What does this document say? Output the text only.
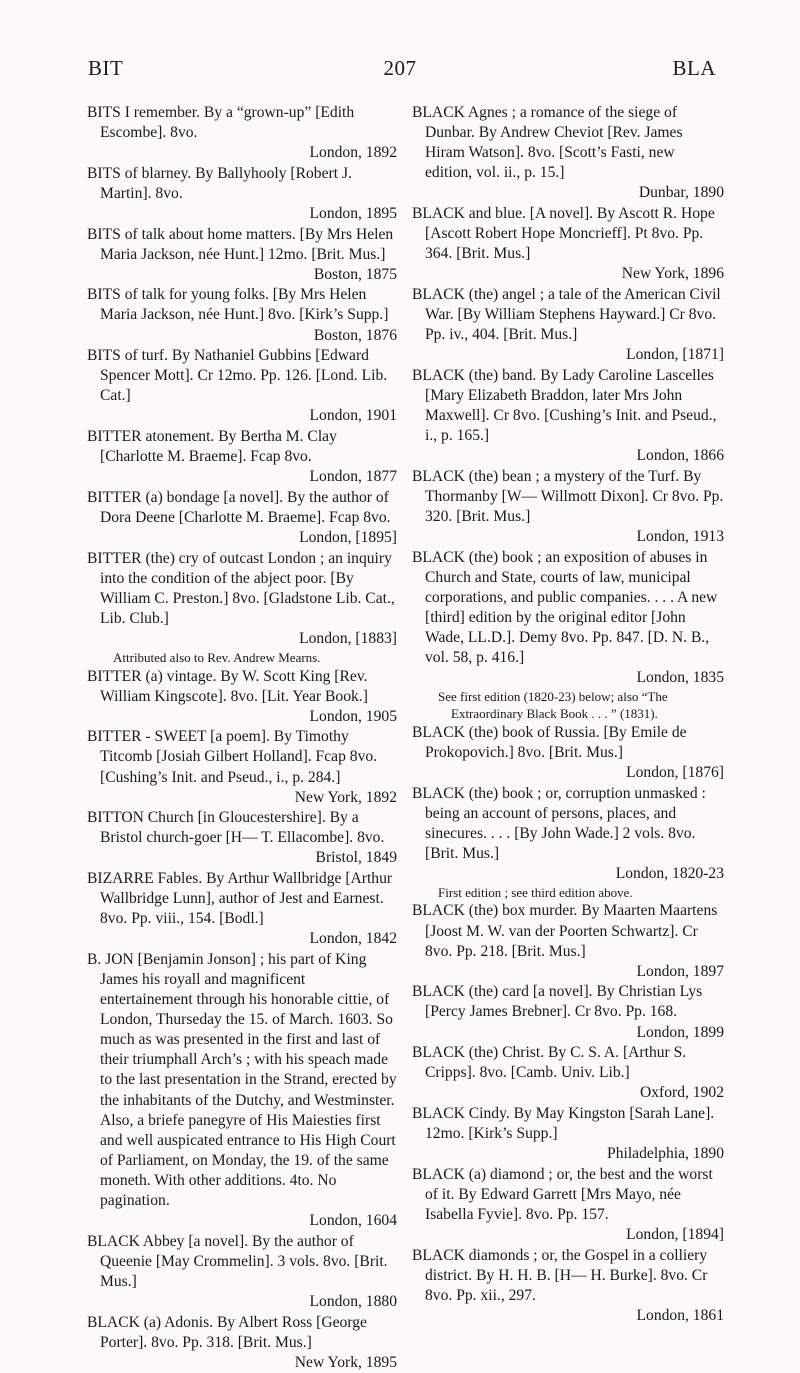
BIT	207	BLA
BITS I remember. By a “grown-up” [Edith Escombe]. 8vo.
London, 1892
BITS of blarney. By Ballyhooly [Robert J. Martin]. 8vo.
London, 1895
BITS of talk about home matters. [By Mrs Helen Maria Jackson, née Hunt.] 12mo. [Brit. Mus.]
Boston, 1875
BITS of talk for young folks. [By Mrs Helen Maria Jackson, née Hunt.] 8vo. [Kirk’s Supp.]
Boston, 1876
BITS of turf. By Nathaniel Gubbins [Edward Spencer Mott]. Cr 12mo. Pp. 126. [Lond. Lib. Cat.]
London, 1901
BITTER atonement. By Bertha M. Clay [Charlotte M. Braeme]. Fcap 8vo.
London, 1877
BITTER (a) bondage [a novel]. By the author of Dora Deene [Charlotte M. Braeme]. Fcap 8vo.
London, [1895]
BITTER (the) cry of outcast London ; an inquiry into the condition of the abject poor. [By William C. Preston.] 8vo. [Gladstone Lib. Cat., Lib. Club.]
London, [1883]
Attributed also to Rev. Andrew Mearns.
BITTER (a) vintage. By W. Scott King [Rev. William Kingscote]. 8vo. [Lit. Year Book.]
London, 1905
BITTER - SWEET [a poem]. By Timothy Titcomb [Josiah Gilbert Holland]. Fcap 8vo. [Cushing’s Init. and Pseud., i., p. 284.]
New York, 1892
BITTON Church [in Gloucestershire]. By a Bristol church-goer [H— T. Ellacombe]. 8vo.
Bristol, 1849
BIZARRE Fables. By Arthur Wallbridge [Arthur Wallbridge Lunn], author of Jest and Earnest. 8vo. Pp. viii., 154. [Bodl.]
London, 1842
B. JON [Benjamin Jonson] ; his part of King James his royall and magnificent entertainement through his honorable cittie, of London, Thurseday the 15. of March. 1603. So much as was presented in the first and last of their triumphall Arch’s ; with his speach made to the last presentation in the Strand, erected by the inhabitants of the Dutchy, and Westminster. Also, a briefe panegyre of His Maiesties first and well auspicated entrance to His High Court of Parliament, on Monday, the 19. of the same moneth. With other additions. 4to. No pagination.
London, 1604
BLACK Abbey [a novel]. By the author of Queenie [May Crommelin]. 3 vols. 8vo. [Brit. Mus.]
London, 1880
BLACK (a) Adonis. By Albert Ross [George Porter]. 8vo. Pp. 318. [Brit. Mus.]
New York, 1895
BLACK Agnes ; a romance of the siege of Dunbar. By Andrew Cheviot [Rev. James Hiram Watson]. 8vo. [Scott’s Fasti, new edition, vol. ii., p. 15.]
Dunbar, 1890
BLACK and blue. [A novel]. By Ascott R. Hope [Ascott Robert Hope Moncrieff]. Pt 8vo. Pp. 364. [Brit. Mus.]
New York, 1896
BLACK (the) angel ; a tale of the American Civil War. [By William Stephens Hayward.] Cr 8vo. Pp. iv., 404. [Brit. Mus.]
London, [1871]
BLACK (the) band. By Lady Caroline Lascelles [Mary Elizabeth Braddon, later Mrs John Maxwell]. Cr 8vo. [Cushing’s Init. and Pseud., i., p. 165.]
London, 1866
BLACK (the) bean ; a mystery of the Turf. By Thormanby [W— Willmott Dixon]. Cr 8vo. Pp. 320. [Brit. Mus.]
London, 1913
BLACK (the) book ; an exposition of abuses in Church and State, courts of law, municipal corporations, and public companies. . . . A new [third] edition by the original editor [John Wade, LL.D.]. Demy 8vo. Pp. 847. [D. N. B., vol. 58, p. 416.]
London, 1835
See first edition (1820-23) below; also “The Extraordinary Black Book . . . ” (1831).
BLACK (the) book of Russia. [By Emile de Prokopovich.] 8vo. [Brit. Mus.]
London, [1876]
BLACK (the) book ; or, corruption unmasked : being an account of persons, places, and sinecures. . . . [By John Wade.] 2 vols. 8vo. [Brit. Mus.]
London, 1820-23
First edition ; see third edition above.
BLACK (the) box murder. By Maarten Maartens [Joost M. W. van der Poorten Schwartz]. Cr 8vo. Pp. 218. [Brit. Mus.]
London, 1897
BLACK (the) card [a novel]. By Christian Lys [Percy James Brebner]. Cr 8vo. Pp. 168.
London, 1899
BLACK (the) Christ. By C. S. A. [Arthur S. Cripps]. 8vo. [Camb. Univ. Lib.]
Oxford, 1902
BLACK Cindy. By May Kingston [Sarah Lane]. 12mo. [Kirk’s Supp.]
Philadelphia, 1890
BLACK (a) diamond ; or, the best and the worst of it. By Edward Garrett [Mrs Mayo, née Isabella Fyvie]. 8vo. Pp. 157.
London, [1894]
BLACK diamonds ; or, the Gospel in a colliery district. By H. H. B. [H— H. Burke]. 8vo. Cr 8vo. Pp. xii., 297.
London, 1861
